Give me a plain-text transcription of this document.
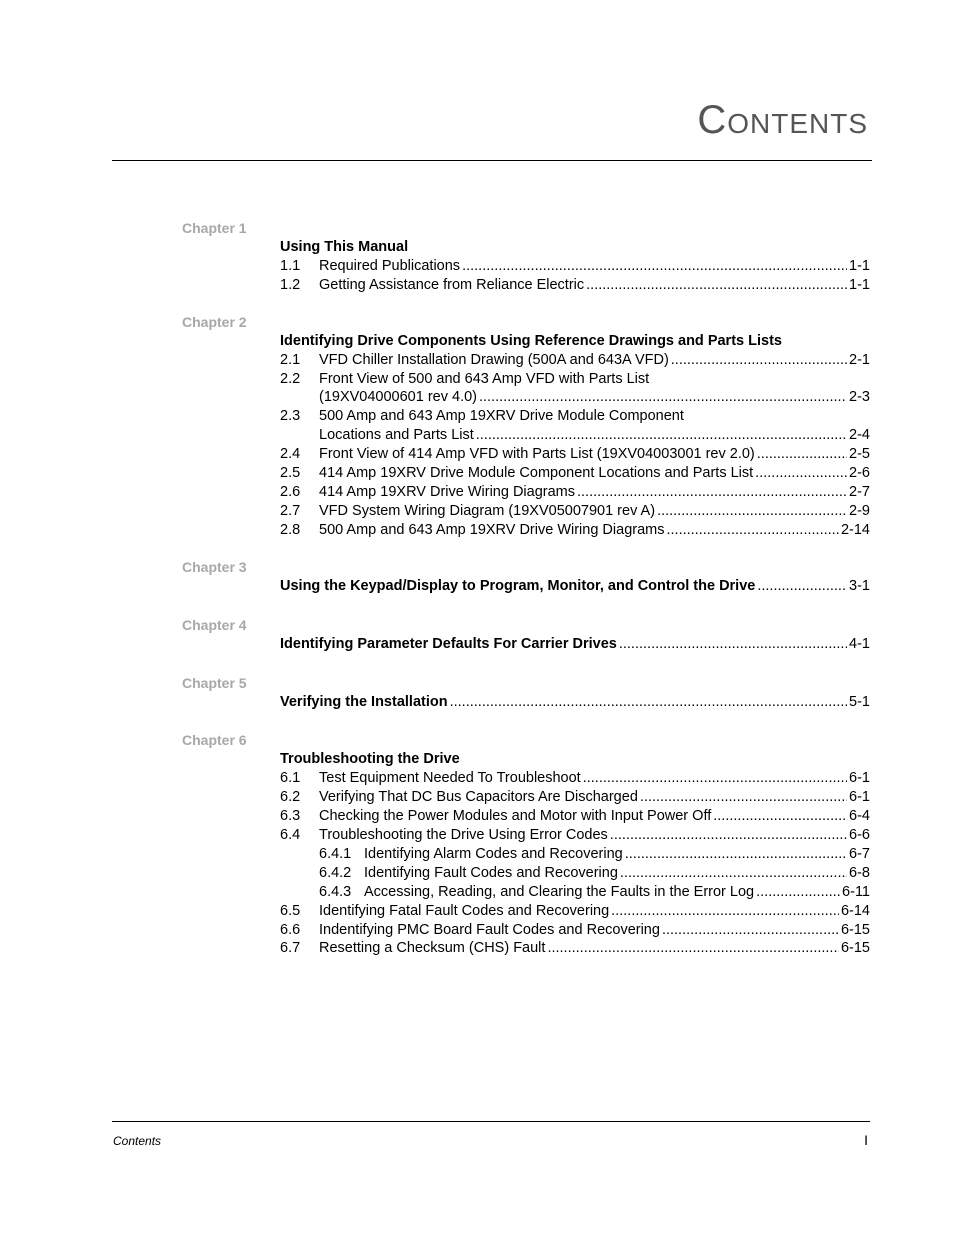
Contents
Chapter 1
Using This Manual
1.1	Required Publications .....	1-1
1.2	Getting Assistance from Reliance Electric .....	1-1
Chapter 2
Identifying Drive Components Using Reference Drawings and Parts Lists
2.1	VFD Chiller Installation Drawing (500A and 643A VFD) .....	2-1
2.2	Front View of 500 and 643 Amp VFD with Parts List
(19XV04000601 rev 4.0) .....	2-3
2.3	500 Amp and 643 Amp 19XRV Drive Module Component
Locations and Parts List .....	2-4
2.4	Front View of 414 Amp VFD with Parts List (19XV04003001 rev 2.0) .....	2-5
2.5	414 Amp 19XRV Drive Module Component Locations and Parts List .....	2-6
2.6	414 Amp 19XRV Drive Wiring Diagrams .....	2-7
2.7	VFD System Wiring Diagram (19XV05007901 rev A) .....	2-9
2.8	500 Amp and 643 Amp 19XRV Drive Wiring Diagrams .....	2-14
Chapter 3
Using the Keypad/Display to Program, Monitor, and Control the Drive .....	3-1
Chapter 4
Identifying Parameter Defaults For Carrier Drives .....	4-1
Chapter 5
Verifying the Installation .....	5-1
Chapter 6
Troubleshooting the Drive
6.1	Test Equipment Needed To Troubleshoot .....	6-1
6.2	Verifying That DC Bus Capacitors Are Discharged .....	6-1
6.3	Checking the Power Modules and Motor with Input Power Off .....	6-4
6.4	Troubleshooting the Drive Using Error Codes .....	6-6
6.4.1 Identifying Alarm Codes and Recovering .....	6-7
6.4.2 Identifying Fault Codes and Recovering .....	6-8
6.4.3 Accessing, Reading, and Clearing the Faults in the Error Log .....	6-11
6.5	Identifying Fatal Fault Codes and Recovering .....	6-14
6.6	Indentifying PMC Board Fault Codes and Recovering .....	6-15
6.7	Resetting a Checksum (CHS) Fault .....	6-15
Contents	I
